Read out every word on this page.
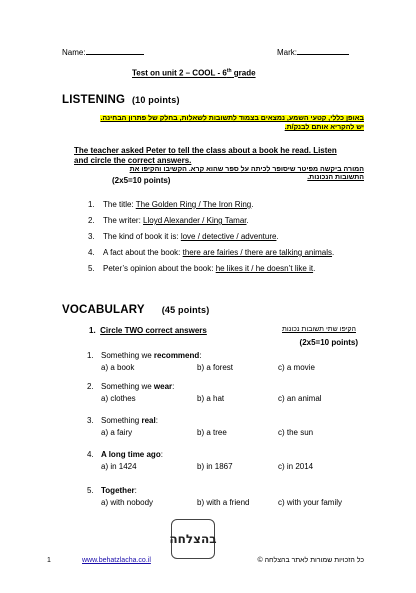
Name:	Mark:
Test on unit 2 – COOL - 6th grade
LISTENING (10 points)
באופן כללי, קטעי השמע, נמצאים בצמוד לתשובות לשאלות, בחלק של פתרון הבחינה.
יש להקריא אותם לבנק/ת.
The teacher asked Peter to tell the class about a book he read. Listen
and circle the correct answers.
המורה ביקשה מפיטר שיסופר לכיתה על ספר שהוא קרא. הקשיבו והקיפו את
התשובות הנכונות.
(2x5=10 points)
1. The title: The Golden Ring / The Iron Ring.
2. The writer: Lloyd Alexander / King Tamar.
3. The kind of book it is: love / detective / adventure.
4. A fact about the book: there are fairies / there are talking animals.
5. Peter’s opinion about the book: he likes it / he doesn’t like it.
VOCABULARY (45 points)
1. Circle TWO correct answers	הקיפו שתי תשובות נכונות
(2x5=10 points)
1. Something we recommend:
a) a book	b) a forest	c) a movie
2. Something we wear:
a) clothes	b) a hat	c) an animal
3. Something real:
a) a fairy	b) a tree	c) the sun
4. A long time ago:
a) in 1424	b) in 1867	c) in 2014
5. Together:
a) with nobody	b) with a friend	c) with your family
בהצלחה
1	www.behatzlacha.co.il	כל הזכויות שמורות לאתר בהצלחה ©
